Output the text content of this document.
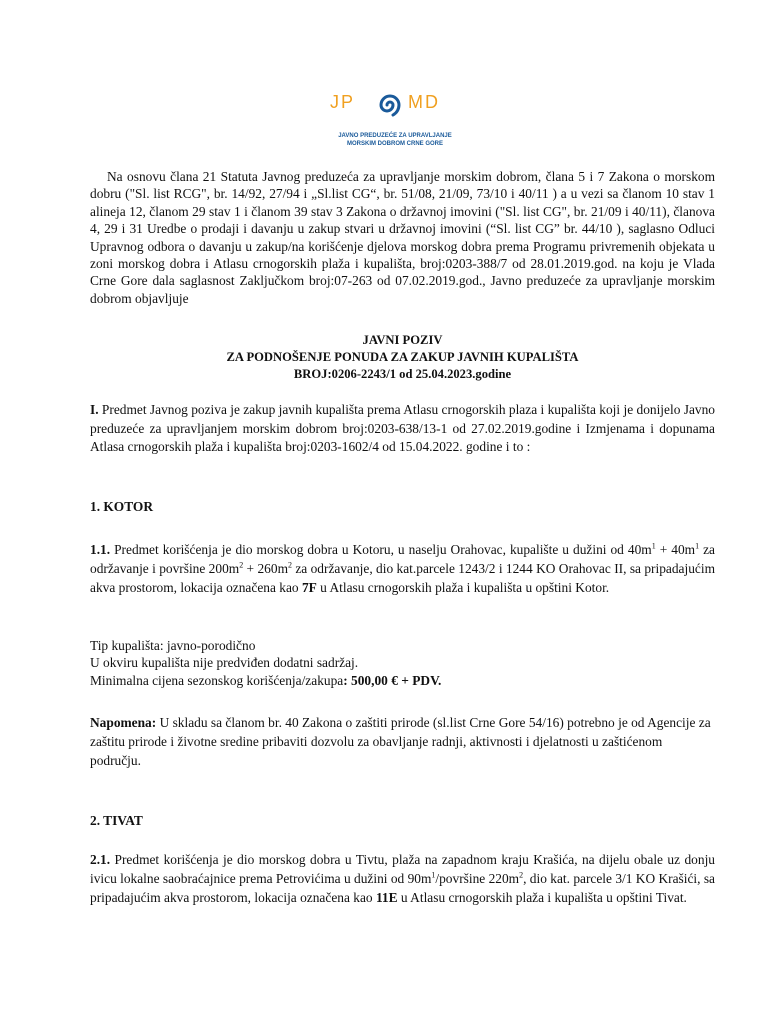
JP	MD
JAVNO PREDUZEĆE ZA UPRAVLJANJE
MORSKIM DOBROM CRNE GORE
Na osnovu člana 21 Statuta Javnog preduzeća za upravljanje morskim dobrom, člana 5 i 7 Zakona o morskom dobru ("Sl. list RCG", br. 14/92, 27/94 i „Sl.list CG“, br. 51/08, 21/09, 73/10 i 40/11 ) a u vezi sa članom 10 stav 1 alineja 12, članom 29 stav 1 i članom 39 stav 3 Zakona o državnoj imovini ("Sl. list CG", br. 21/09 i 40/11), članova 4, 29 i 31 Uredbe o prodaji i davanju u zakup stvari u državnoj imovini (“Sl. list CG” br. 44/10 ), saglasno Odluci Upravnog odbora o davanju u zakup/na korišćenje djelova morskog dobra prema Programu privremenih objekata u zoni morskog dobra i Atlasu crnogorskih plaža i kupališta, broj:0203-388/7 od 28.01.2019.god. na koju je Vlada Crne Gore dala saglasnost Zaključkom broj:07-263 od 07.02.2019.god., Javno preduzeće za upravljanje morskim dobrom objavljuje
JAVNI POZIV
ZA PODNOŠENJE PONUDA ZA ZAKUP JAVNIH KUPALIŠTA
BROJ:0206-2243/1 od 25.04.2023.godine

I. Predmet Javnog poziva je zakup javnih kupališta prema Atlasu crnogorskih plaza i kupališta koji je donijelo Javno preduzeće za upravljanjem morskim dobrom broj:0203-638/13-1 od 27.02.2019.godine i Izmjenama i dopunama Atlasa crnogorskih plaža i kupališta broj:0203-1602/4 od 15.04.2022. godine i to :

1. KOTOR

1.1. Predmet korišćenja je dio morskog dobra u Kotoru, u naselju Orahovac, kupalište u dužini od $40m^1 + 40m^1$ za održavanje i površine $200m^2 + 260m^2$ za održavanje, dio kat.parcele 1243/2 i 1244 KO Orahovac II, sa pripadajućim akva prostorom, lokacija označena kao 7F u Atlasu crnogorskih plaža i kupališta u opštini Kotor.

Tip kupališta: javno-porodično
U okviru kupališta nije predviđen dodatni sadržaj.
Minimalna cijena sezonskog korišćenja/zakupa: 500,00 € + PDV.

Napomena: U skladu sa članom br. 40 Zakona o zaštiti prirode (sl.list Crne Gore 54/16) potrebno je od Agencije za zaštitu prirode i životne sredine pribaviti dozvolu za obavljanje radnji, aktivnosti i djelatnosti u zaštićenom području.

2. TIVAT

2.1. Predmet korišćenja je dio morskog dobra u Tivtu, plaža na zapadnom kraju Krašića, na dijelu obale uz donju ivicu lokalne saobraćajnice prema Petrovićima u dužini od $90m^1$/površine $220m^2$, dio kat. parcele 3/1 KO Krašići, sa pripadajućim akva prostorom, lokacija označena kao 11E u Atlasu crnogorskih plaža i kupališta u opštini Tivat.
